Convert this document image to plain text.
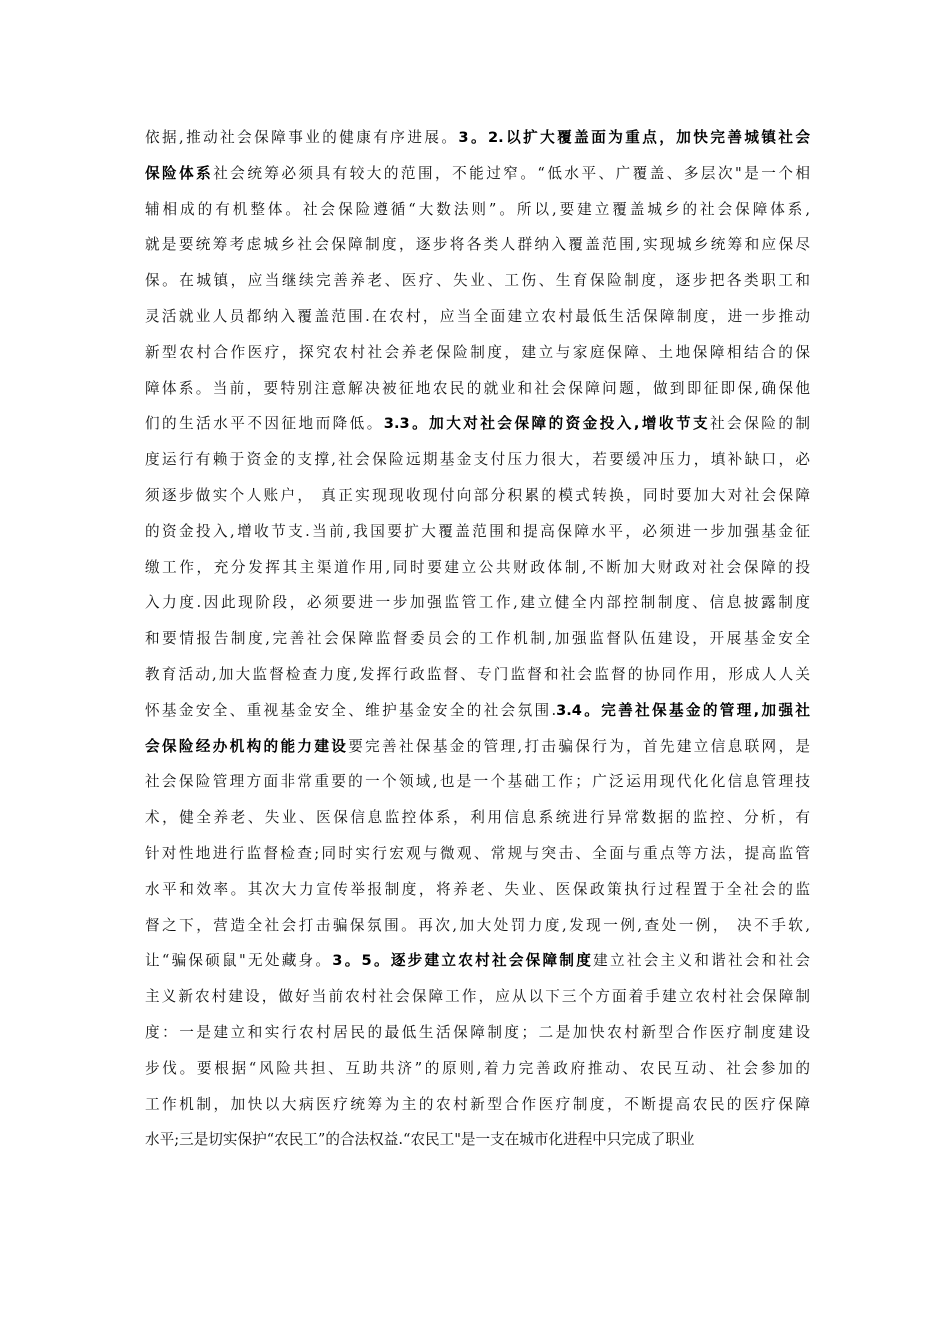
依据,推动社会保障事业的健康有序进展。3。2.以扩大覆盖面为重点，加快完善城镇社会
保险体系社会统筹必须具有较大的范围，不能过窄。“低水平、广覆盖、多层次"是一个相
辅相成的有机整体。社会保险遵循“大数法则”。所以,要建立覆盖城乡的社会保障体系,
就是要统筹考虑城乡社会保障制度，逐步将各类人群纳入覆盖范围,实现城乡统筹和应保尽
保。在城镇，应当继续完善养老、医疗、失业、工伤、生育保险制度，逐步把各类职工和
灵活就业人员都纳入覆盖范围.在农村，应当全面建立农村最低生活保障制度，进一步推动
新型农村合作医疗，探究农村社会养老保险制度，建立与家庭保障、土地保障相结合的保
障体系。当前，要特别注意解决被征地农民的就业和社会保障问题，做到即征即保,确保他
们的生活水平不因征地而降低。3.3。加大对社会保障的资金投入,增收节支社会保险的制
度运行有赖于资金的支撑,社会保险远期基金支付压力很大，若要缓冲压力，填补缺口，必
须逐步做实个人账户， 真正实现现收现付向部分积累的模式转换，同时要加大对社会保障
的资金投入,增收节支.当前,我国要扩大覆盖范围和提高保障水平，必须进一步加强基金征
缴工作，充分发挥其主渠道作用,同时要建立公共财政体制,不断加大财政对社会保障的投
入力度.因此现阶段，必须要进一步加强监管工作,建立健全内部控制制度、信息披露制度
和要情报告制度,完善社会保障监督委员会的工作机制,加强监督队伍建设，开展基金安全
教育活动,加大监督检查力度,发挥行政监督、专门监督和社会监督的协同作用，形成人人关
怀基金安全、重视基金安全、维护基金安全的社会氛围.3.4。完善社保基金的管理,加强社
会保险经办机构的能力建设要完善社保基金的管理,打击骗保行为，首先建立信息联网，是
社会保险管理方面非常重要的一个领域,也是一个基础工作；广泛运用现代化化信息管理技
术，健全养老、失业、医保信息监控体系，利用信息系统进行异常数据的监控、分析，有
针对性地进行监督检查;同时实行宏观与微观、常规与突击、全面与重点等方法，提高监管
水平和效率。其次大力宣传举报制度，将养老、失业、医保政策执行过程置于全社会的监
督之下，营造全社会打击骗保氛围。再次,加大处罚力度,发现一例,查处一例， 决不手软,
让“骗保硕鼠"无处藏身。3。5。逐步建立农村社会保障制度建立社会主义和谐社会和社会
主义新农村建设，做好当前农村社会保障工作，应从以下三个方面着手建立农村社会保障制
度：一是建立和实行农村居民的最低生活保障制度；二是加快农村新型合作医疗制度建设
步伐。要根据“风险共担、互助共济”的原则,着力完善政府推动、农民互动、社会参加的
工作机制，加快以大病医疗统筹为主的农村新型合作医疗制度，不断提高农民的医疗保障
水平;三是切实保护“农民工”的合法权益.“农民工"是一支在城市化进程中只完成了职业
